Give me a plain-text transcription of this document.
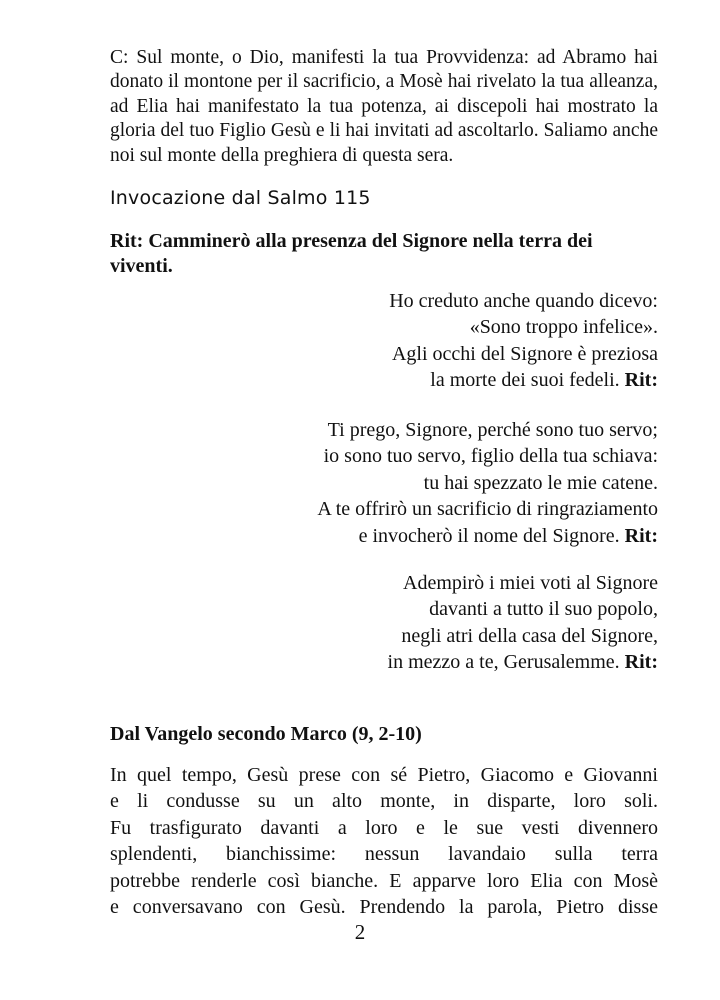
C: Sul monte, o Dio, manifesti la tua Provvidenza: ad Abramo hai donato il montone per il sacrificio, a Mosè hai rivelato la tua alleanza, ad Elia hai manifestato la tua potenza, ai discepoli hai mostrato la gloria del tuo Figlio Gesù e li hai invitati ad ascoltarlo. Saliamo anche noi sul monte della preghiera di questa sera.

Invocazione dal Salmo 115

Rit: Camminerò alla presenza del Signore nella terra dei viventi.

Ho creduto anche quando dicevo:
«Sono troppo infelice».
Agli occhi del Signore è preziosa
la morte dei suoi fedeli. Rit:
Ti prego, Signore, perché sono tuo servo;
io sono tuo servo, figlio della tua schiava:
tu hai spezzato le mie catene.
A te offrirò un sacrificio di ringraziamento
e invocherò il nome del Signore. Rit:
Adempirò i miei voti al Signore
davanti a tutto il suo popolo,
negli atri della casa del Signore,
in mezzo a te, Gerusalemme. Rit:
Dal Vangelo secondo Marco (9, 2-10)
In quel tempo, Gesù prese con sé Pietro, Giacomo e Giovanni
e li condusse su un alto monte, in disparte, loro soli.
Fu trasfigurato davanti a loro e le sue vesti divennero
splendenti, bianchissime: nessun lavandaio sulla terra
potrebbe renderle così bianche. E apparve loro Elia con Mosè
e conversavano con Gesù. Prendendo la parola, Pietro disse
2
